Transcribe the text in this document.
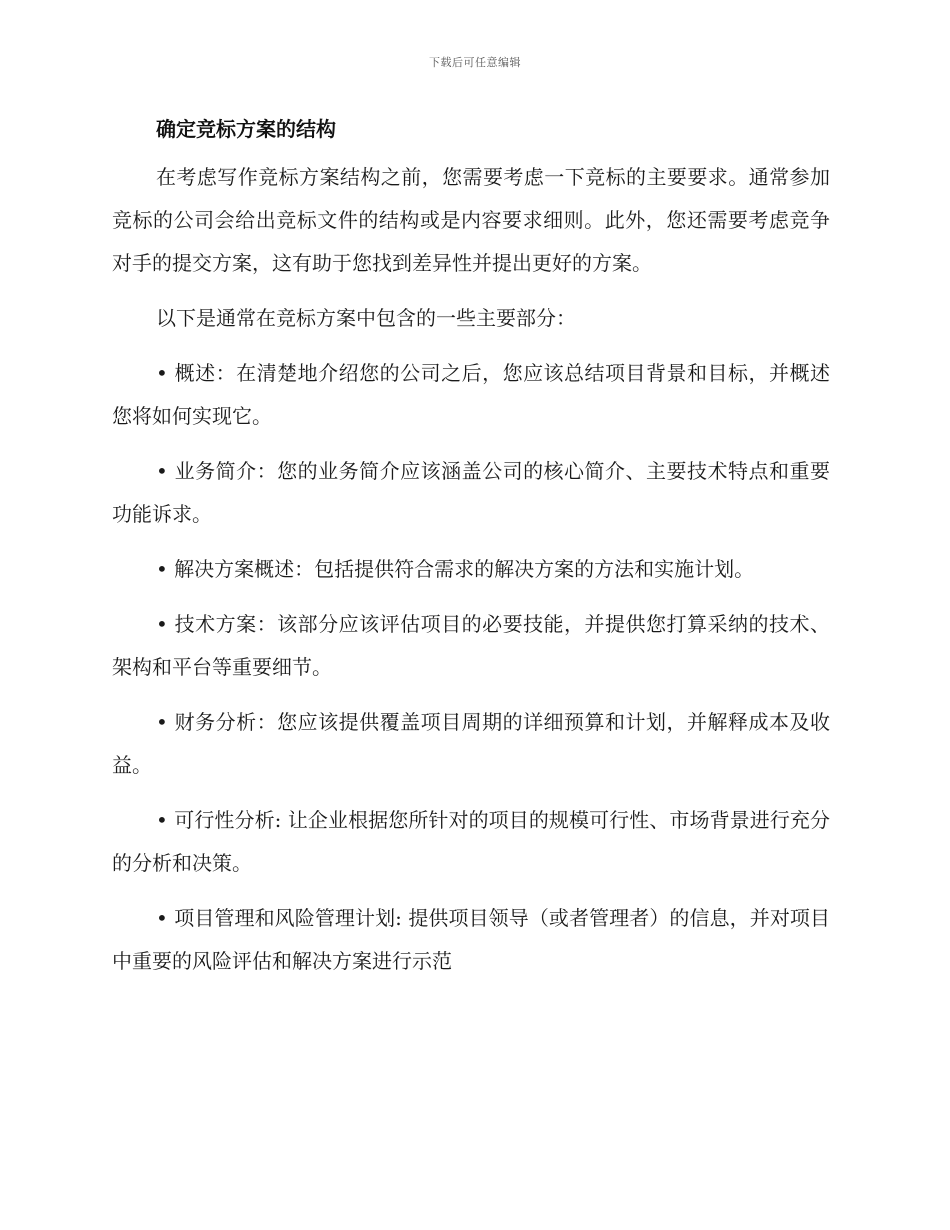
下载后可任意编辑
确定竞标方案的结构

在考虑写作竞标方案结构之前，您需要考虑一下竞标的主要要求。通常参加竞标的公司会给出竞标文件的结构或是内容要求细则。此外，您还需要考虑竞争对手的提交方案，这有助于您找到差异性并提出更好的方案。

以下是通常在竞标方案中包含的一些主要部分：

• 概述：在清楚地介绍您的公司之后，您应该总结项目背景和目标，并概述您将如何实现它。

• 业务简介：您的业务简介应该涵盖公司的核心简介、主要技术特点和重要功能诉求。

• 解决方案概述：包括提供符合需求的解决方案的方法和实施计划。

• 技术方案：该部分应该评估项目的必要技能，并提供您打算采纳的技术、架构和平台等重要细节。

• 财务分析：您应该提供覆盖项目周期的详细预算和计划，并解释成本及收益。

• 可行性分析: 让企业根据您所针对的项目的规模可行性、市场背景进行充分的分析和决策。

• 项目管理和风险管理计划: 提供项目领导（或者管理者）的信息，并对项目中重要的风险评估和解决方案进行示范
